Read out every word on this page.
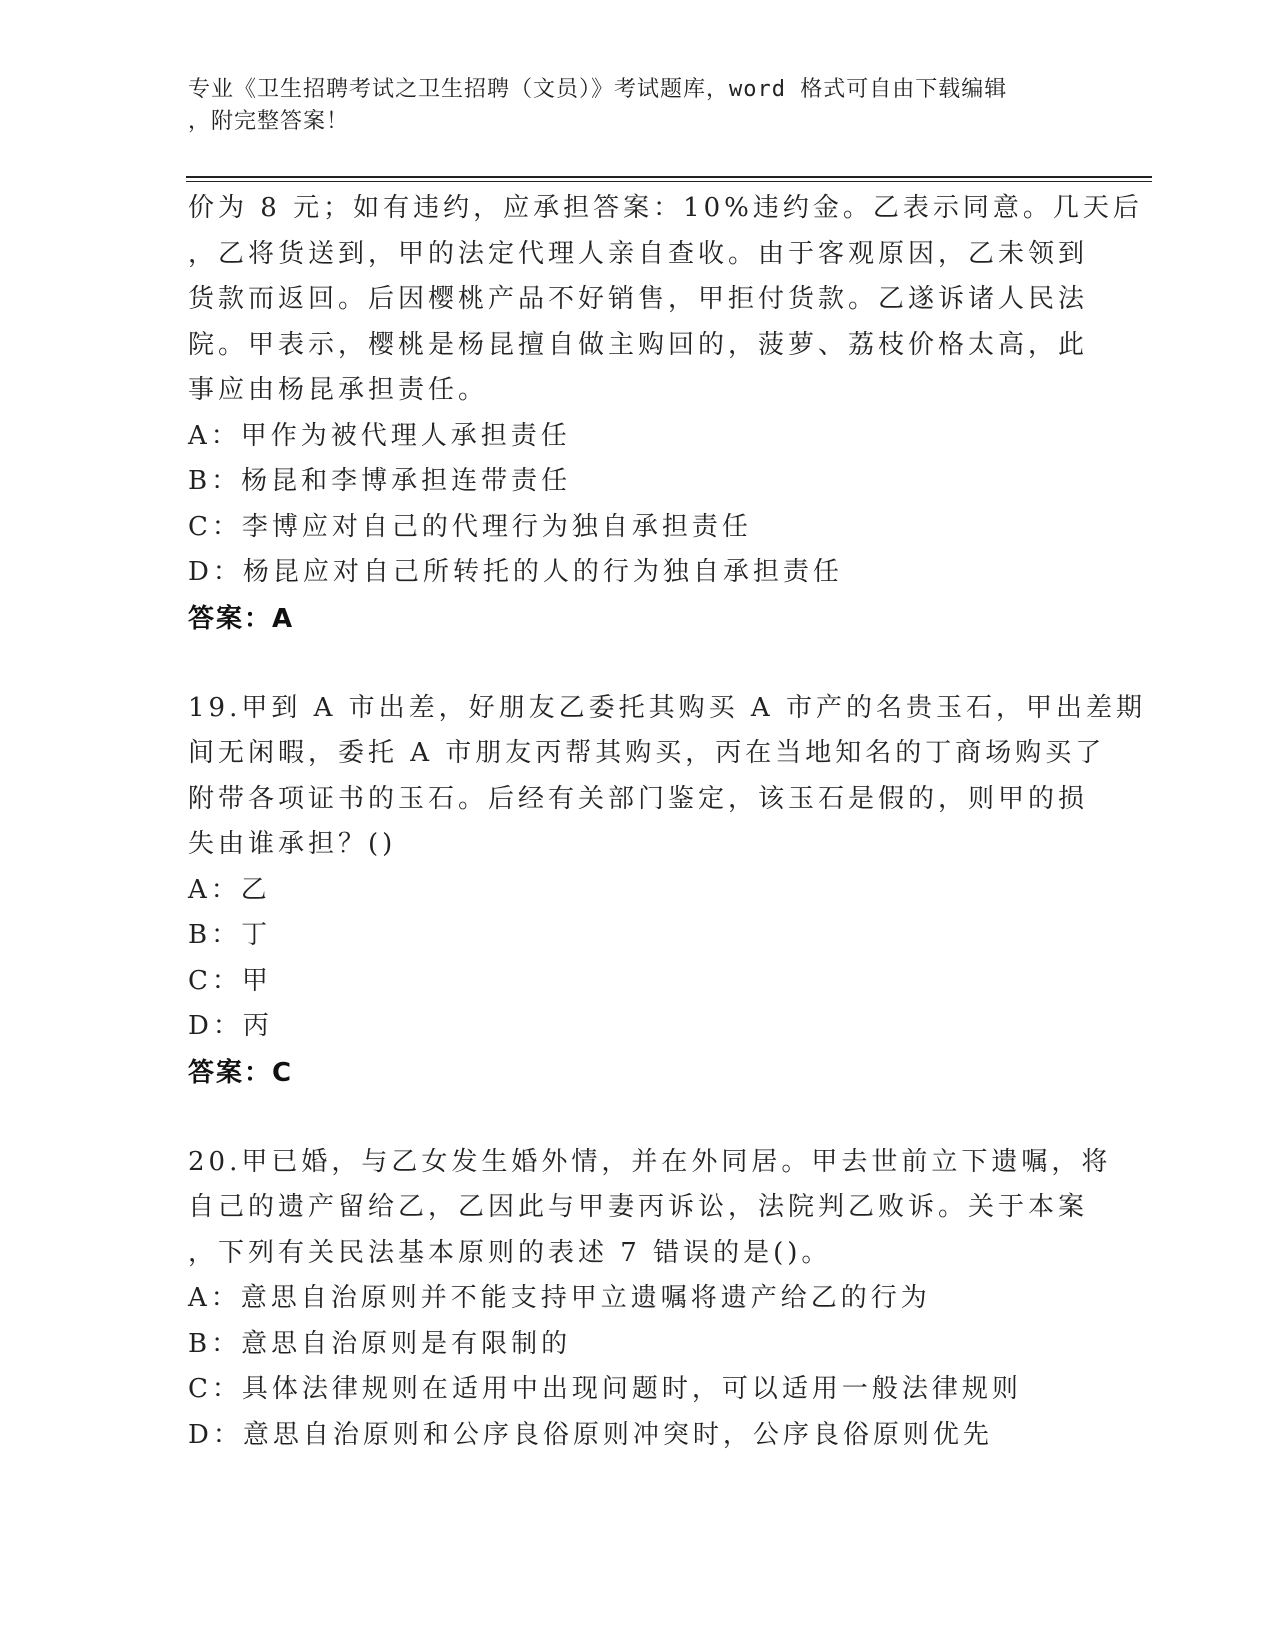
专业《卫生招聘考试之卫生招聘（文员）》考试题库，word 格式可自由下载编辑
，附完整答案！
价为 8 元；如有违约，应承担答案：10%违约金。乙表示同意。几天后
，乙将货送到，甲的法定代理人亲自查收。由于客观原因，乙未领到
货款而返回。后因樱桃产品不好销售，甲拒付货款。乙遂诉诸人民法
院。甲表示，樱桃是杨昆擅自做主购回的，菠萝、荔枝价格太高，此
事应由杨昆承担责任。
A：甲作为被代理人承担责任
B：杨昆和李博承担连带责任
C：李博应对自己的代理行为独自承担责任
D：杨昆应对自己所转托的人的行为独自承担责任
答案：A
19.甲到 A 市出差，好朋友乙委托其购买 A 市产的名贵玉石，甲出差期
间无闲暇，委托 A 市朋友丙帮其购买，丙在当地知名的丁商场购买了
附带各项证书的玉石。后经有关部门鉴定，该玉石是假的，则甲的损
失由谁承担？()
A：乙
B：丁
C：甲
D：丙
答案：C
20.甲已婚，与乙女发生婚外情，并在外同居。甲去世前立下遗嘱，将
自己的遗产留给乙，乙因此与甲妻丙诉讼，法院判乙败诉。关于本案
，下列有关民法基本原则的表述 7 错误的是()。
A：意思自治原则并不能支持甲立遗嘱将遗产给乙的行为
B：意思自治原则是有限制的
C：具体法律规则在适用中出现问题时，可以适用一般法律规则
D：意思自治原则和公序良俗原则冲突时，公序良俗原则优先
